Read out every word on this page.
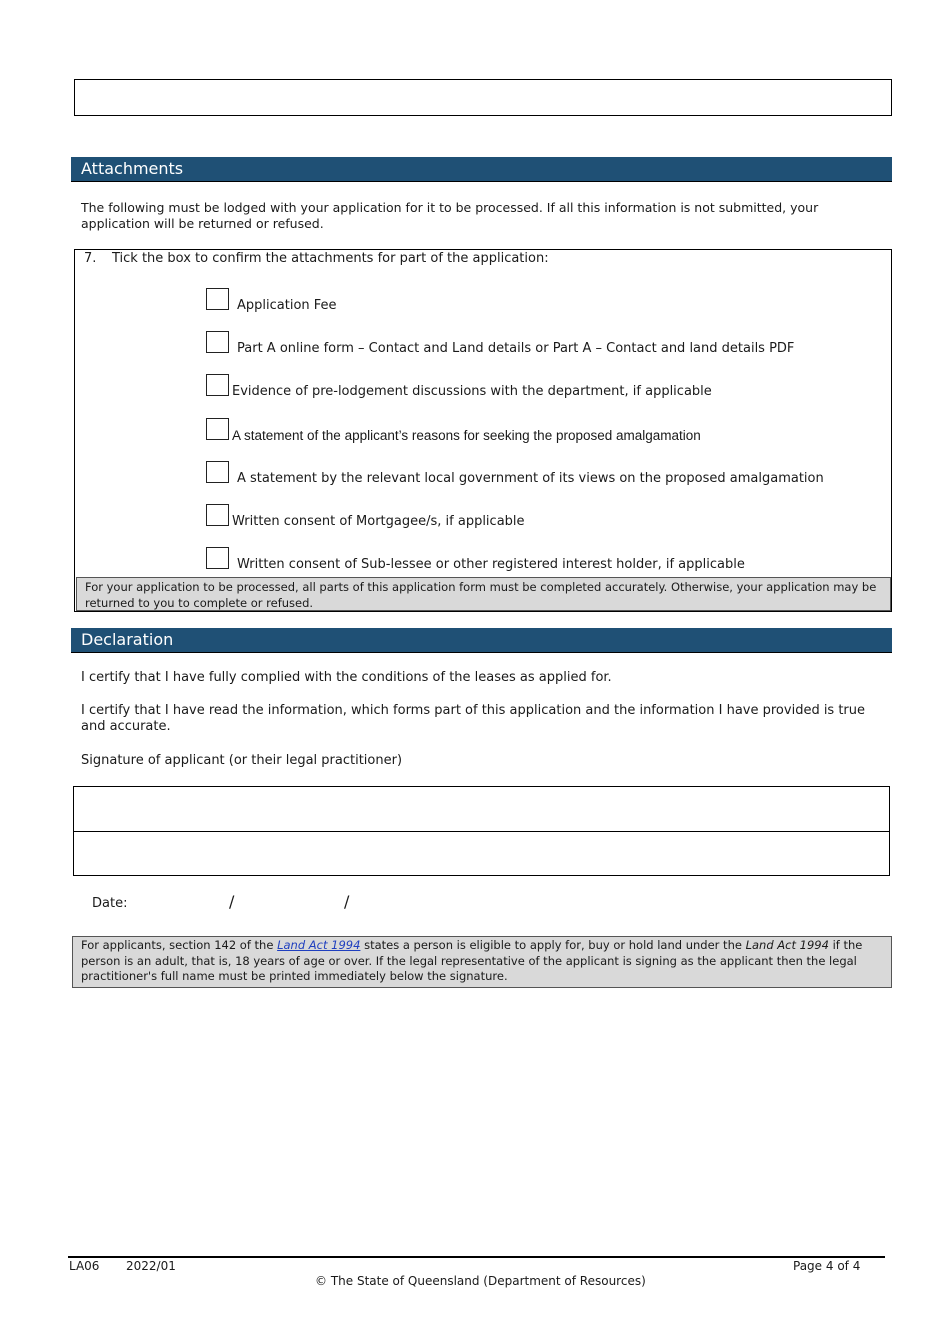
Attachments
The following must be lodged with your application for it to be processed. If all this information is not submitted, your application will be returned or refused.
7. Tick the box to confirm the attachments for part of the application:
Application Fee
Part A online form – Contact and Land details or Part A – Contact and land details PDF
Evidence of pre-lodgement discussions with the department, if applicable
A statement of the applicant’s reasons for seeking the proposed amalgamation
A statement by the relevant local government of its views on the proposed amalgamation
Written consent of Mortgagee/s, if applicable
Written consent of Sub-lessee or other registered interest holder, if applicable
For your application to be processed, all parts of this application form must be completed accurately. Otherwise, your application may be returned to you to complete or refused.
Declaration
I certify that I have fully complied with the conditions of the leases as applied for.
I certify that I have read the information, which forms part of this application and the information I have provided is true and accurate.
Signature of applicant (or their legal practitioner)
Date:	/	/
For applicants, section 142 of the Land Act 1994 states a person is eligible to apply for, buy or hold land under the Land Act 1994 if the person is an adult, that is, 18 years of age or over. If the legal representative of the applicant is signing as the applicant then the legal practitioner's full name must be printed immediately below the signature.
LA06 2022/01	Page 4 of 4
© The State of Queensland (Department of Resources)
